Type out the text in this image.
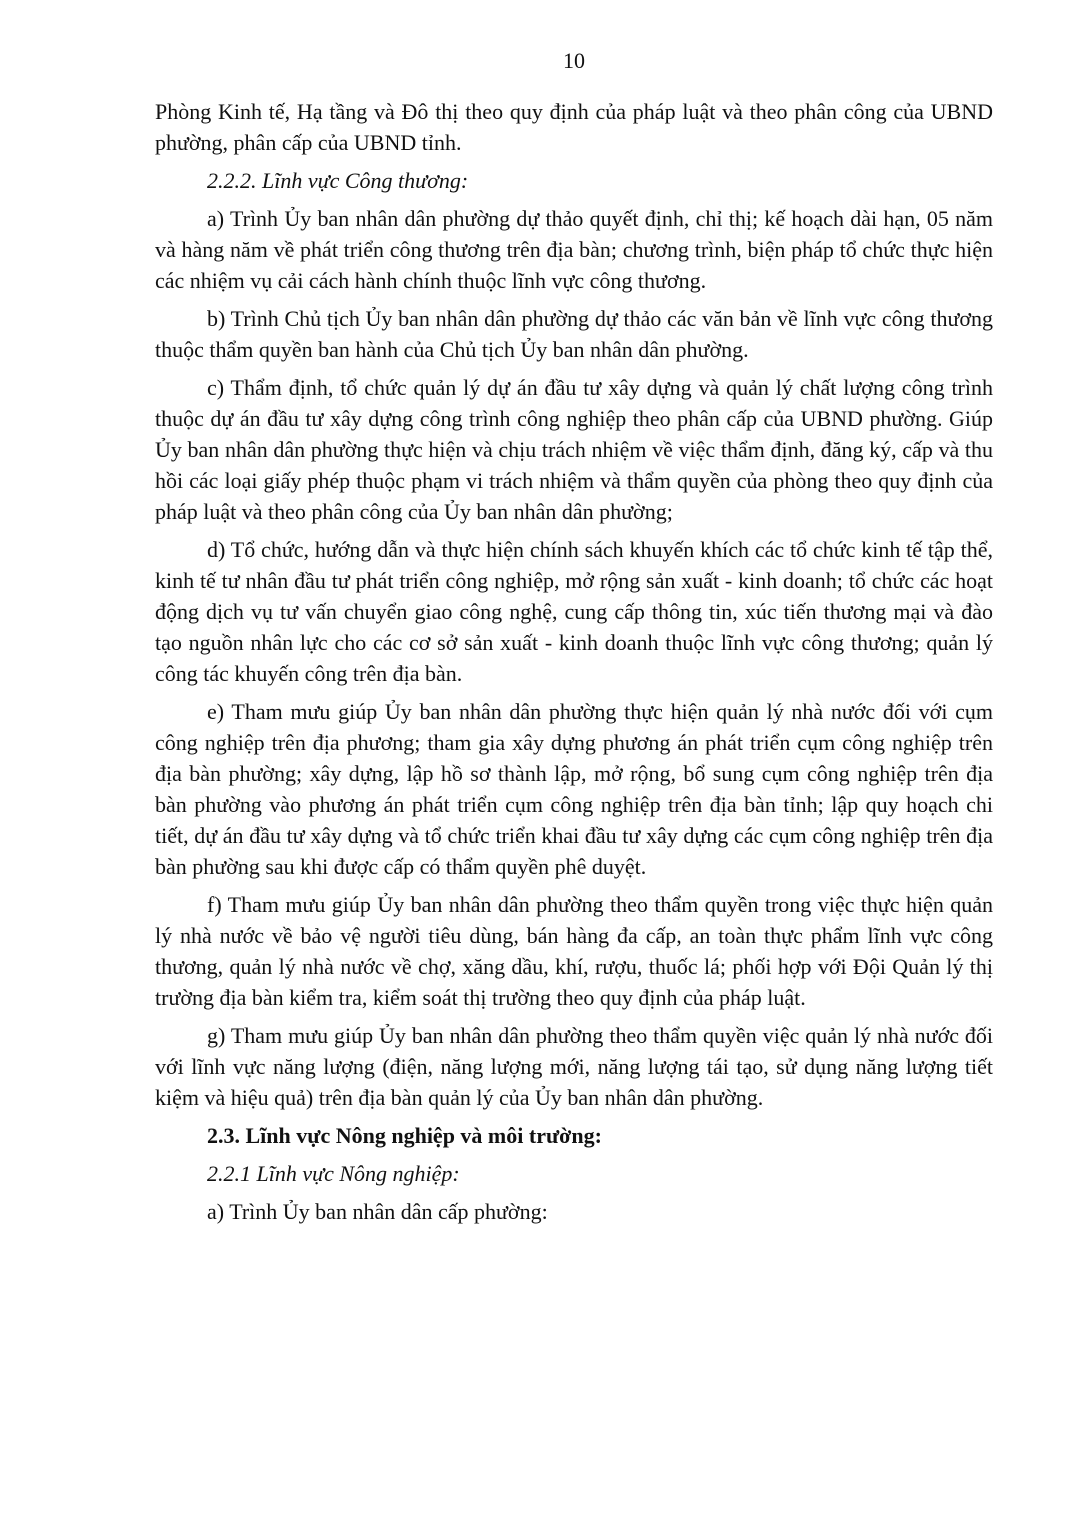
10

Phòng Kinh tế, Hạ tầng và Đô thị theo quy định của pháp luật và theo phân công của UBND phường, phân cấp của UBND tỉnh.

2.2.2. Lĩnh vực Công thương:

a) Trình Ủy ban nhân dân phường dự thảo quyết định, chỉ thị; kế hoạch dài hạn, 05 năm và hàng năm về phát triển công thương trên địa bàn; chương trình, biện pháp tổ chức thực hiện các nhiệm vụ cải cách hành chính thuộc lĩnh vực công thương.

b) Trình Chủ tịch Ủy ban nhân dân phường dự thảo các văn bản về lĩnh vực công thương thuộc thẩm quyền ban hành của Chủ tịch Ủy ban nhân dân phường.

c) Thẩm định, tổ chức quản lý dự án đầu tư xây dựng và quản lý chất lượng công trình thuộc dự án đầu tư xây dựng công trình công nghiệp theo phân cấp của UBND phường. Giúp Ủy ban nhân dân phường thực hiện và chịu trách nhiệm về việc thẩm định, đăng ký, cấp và thu hồi các loại giấy phép thuộc phạm vi trách nhiệm và thẩm quyền của phòng theo quy định của pháp luật và theo phân công của Ủy ban nhân dân phường;

d) Tổ chức, hướng dẫn và thực hiện chính sách khuyến khích các tổ chức kinh tế tập thể, kinh tế tư nhân đầu tư phát triển công nghiệp, mở rộng sản xuất - kinh doanh; tổ chức các hoạt động dịch vụ tư vấn chuyển giao công nghệ, cung cấp thông tin, xúc tiến thương mại và đào tạo nguồn nhân lực cho các cơ sở sản xuất - kinh doanh thuộc lĩnh vực công thương; quản lý công tác khuyến công trên địa bàn.

e) Tham mưu giúp Ủy ban nhân dân phường thực hiện quản lý nhà nước đối với cụm công nghiệp trên địa phương; tham gia xây dựng phương án phát triển cụm công nghiệp trên địa bàn phường; xây dựng, lập hồ sơ thành lập, mở rộng, bổ sung cụm công nghiệp trên địa bàn phường vào phương án phát triển cụm công nghiệp trên địa bàn tỉnh; lập quy hoạch chi tiết, dự án đầu tư xây dựng và tổ chức triển khai đầu tư xây dựng các cụm công nghiệp trên địa bàn phường sau khi được cấp có thẩm quyền phê duyệt.

f) Tham mưu giúp Ủy ban nhân dân phường theo thẩm quyền trong việc thực hiện quản lý nhà nước về bảo vệ người tiêu dùng, bán hàng đa cấp, an toàn thực phẩm lĩnh vực công thương, quản lý nhà nước về chợ, xăng dầu, khí, rượu, thuốc lá; phối hợp với Đội Quản lý thị trường địa bàn kiểm tra, kiểm soát thị trường theo quy định của pháp luật.

g) Tham mưu giúp Ủy ban nhân dân phường theo thẩm quyền việc quản lý nhà nước đối với lĩnh vực năng lượng (điện, năng lượng mới, năng lượng tái tạo, sử dụng năng lượng tiết kiệm và hiệu quả) trên địa bàn quản lý của Ủy ban nhân dân phường.

2.3. Lĩnh vực Nông nghiệp và môi trường:

2.2.1 Lĩnh vực Nông nghiệp:

a) Trình Ủy ban nhân dân cấp phường:
